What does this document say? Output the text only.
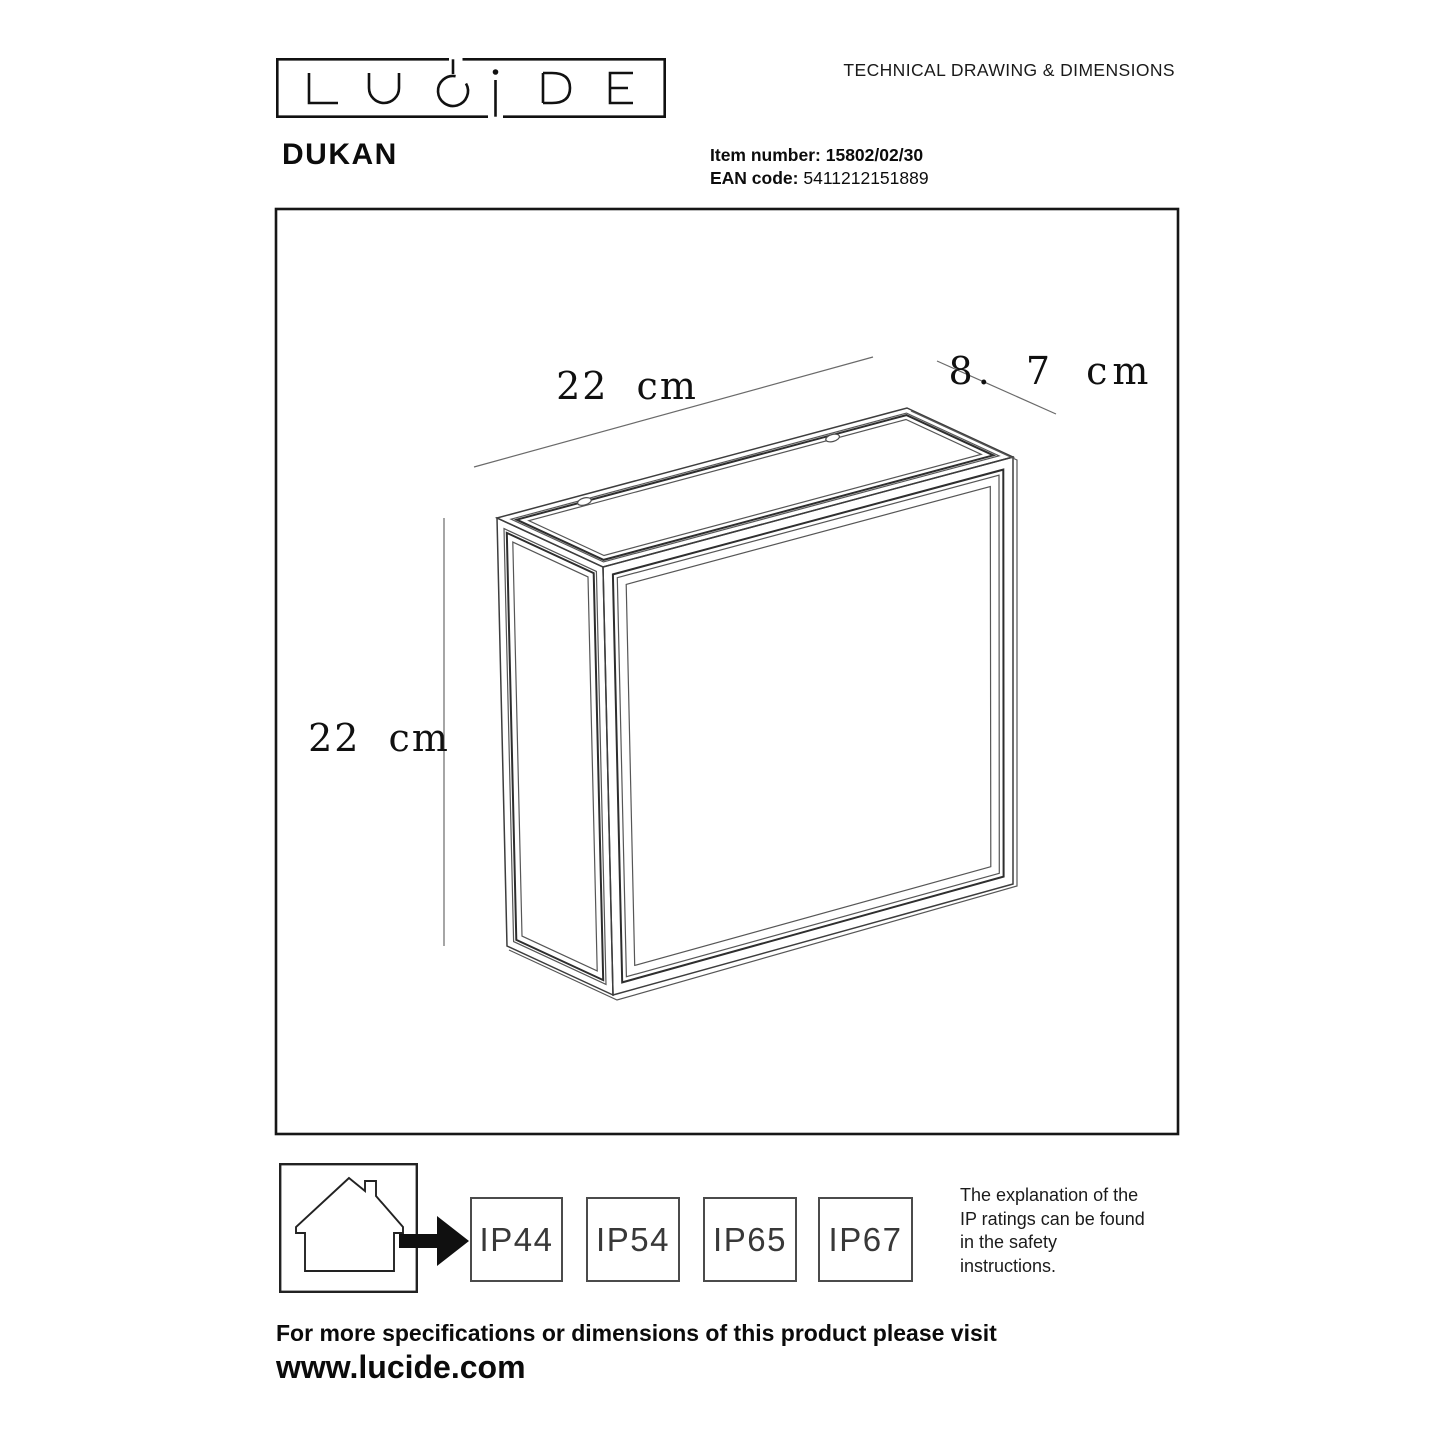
TECHNICAL DRAWING & DIMENSIONS
DUKAN	Item number: 15802/02/30
EAN code: 5411212151889
22 cm	8. 7 cm
22 cm
IP44 IP54 IP65 IP67
The explanation of the
IP ratings can be found
in the safety
instructions.
For more specifications or dimensions of this product please visit
www.lucide.com
